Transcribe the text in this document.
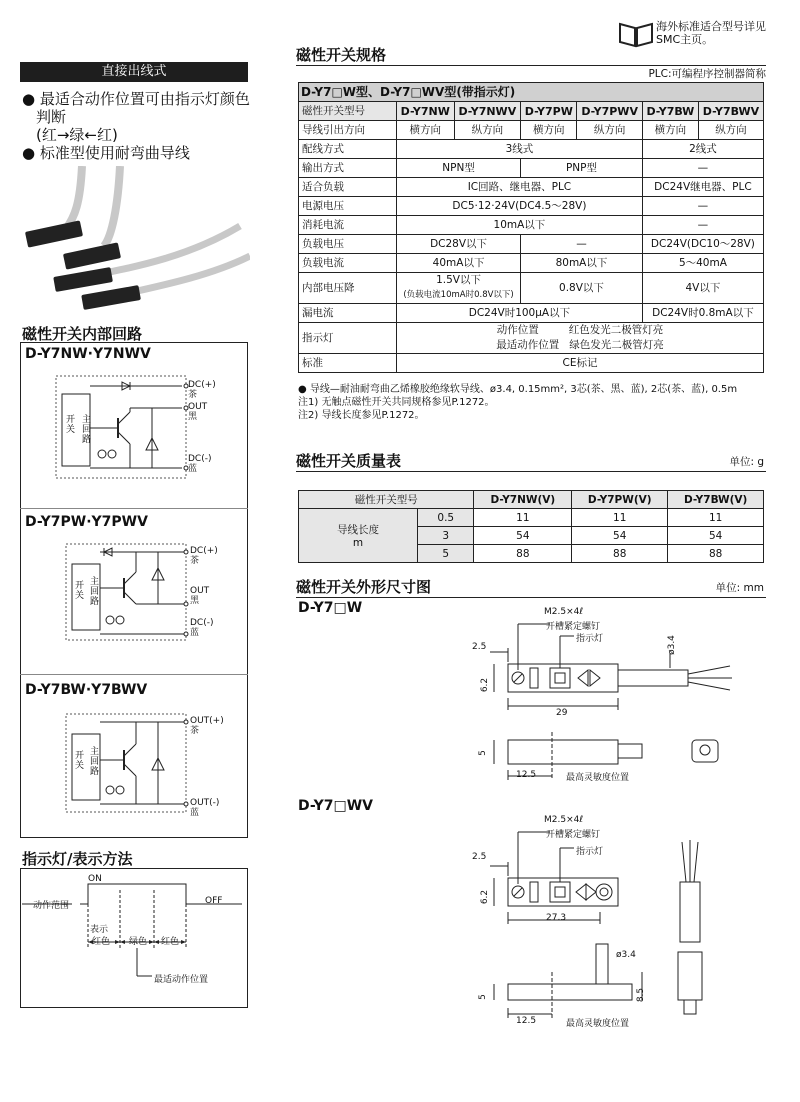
直接出线式
● 最适合动作位置可由指示灯颜色
判断
(红→绿←红)
● 标准型使用耐弯曲导线
磁性开关内部回路
D-Y7NW·Y7NWV
主
回
路
开
关
DC(+)
茶
OUT
黑
DC(-)
蓝
D-Y7PW·Y7PWV
主
回
路
开
关
DC(+)
茶
OUT
黑
DC(-)
蓝
D-Y7BW·Y7BWV
主
回
路
开
关
OUT(+)
茶
OUT(-)
蓝
指示灯/表示方法
ON
OFF
动作范围
表示
红色 绿色 红色
最适动作位置
海外标准适合型号详见
SMC主页。
磁性开关规格
PLC:可编程序控制器简称
D-Y7□W型、D-Y7□WV型(带指示灯)						
磁性开关型号	D-Y7NW	D-Y7NWV	D-Y7PW	D-Y7PWV	D-Y7BW	D-Y7BWV
导线引出方向	横方向	纵方向	横方向	纵方向	横方向	纵方向
配线方式	3线式				2线式	
输出方式	NPN型		PNP型		—	
适合负载	IC回路、继电器、PLC				DC24V继电器、PLC	
电源电压	DC5·12·24V(DC4.5～28V)				—	
消耗电流	10mA以下				—	
负载电压	DC28V以下		—		DC24V(DC10～28V)	
负载电流	40mA以下		80mA以下		5～40mA	
内部电压降	1.5V以下
(负载电流10mA时0.8V以下)		0.8V以下		4V以下	
漏电流	DC24V时100μA以下				DC24V时0.8mA以下	
指示灯	动作位置 红色发光二极管灯亮
最适动作位置 绿色发光二极管灯亮					

标准	CE标记					
● 导线—耐油耐弯曲乙烯橡胶绝缘软导线、ø3.4, 0.15mm², 3芯(茶、黑、蓝), 2芯(茶、蓝), 0.5m
注1) 无触点磁性开关共同规格参见P.1272。
注2) 导线长度参见P.1272。
磁性开关质量表	单位: g
磁性开关型号		D-Y7NW(V)	D-Y7PW(V)	D-Y7BW(V)

导线长度
m	0.5	11	11	11
	3	54	54	54
	5	88	88	88
磁性开关外形尺寸图	单位: mm
D-Y7□W	M2.5×4ℓ
开槽紧定螺钉
指示灯
2.5
6.2
29
ø3.4
5
12.5	最高灵敏度位置
D-Y7□WV
M2.5×4ℓ
开槽紧定螺钉
指示灯
2.5
6.2
27.3
ø3.4
5	8.5
12.5	最高灵敏度位置
